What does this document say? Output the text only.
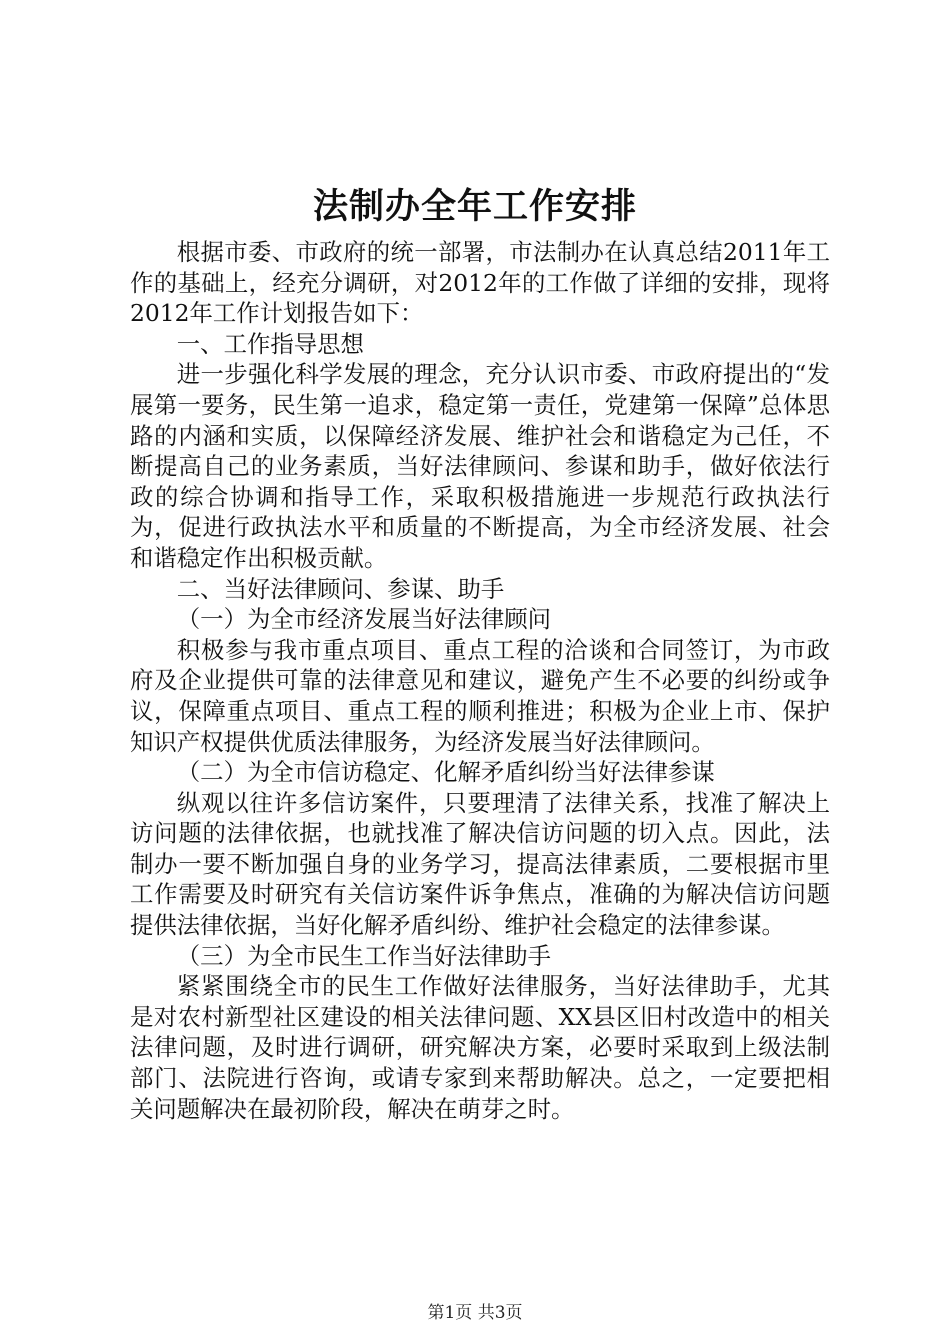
法制办全年工作安排

根据市委、市政府的统一部署，市法制办在认真总结2011年工作的基础上，经充分调研，对2012年的工作做了详细的安排，现将2012年工作计划报告如下：

一、工作指导思想

进一步强化科学发展的理念，充分认识市委、市政府提出的“发展第一要务，民生第一追求，稳定第一责任，党建第一保障”总体思路的内涵和实质，以保障经济发展、维护社会和谐稳定为己任，不断提高自己的业务素质，当好法律顾问、参谋和助手，做好依法行政的综合协调和指导工作，采取积极措施进一步规范行政执法行为，促进行政执法水平和质量的不断提高，为全市经济发展、社会和谐稳定作出积极贡献。

二、当好法律顾问、参谋、助手

（一）为全市经济发展当好法律顾问

积极参与我市重点项目、重点工程的洽谈和合同签订，为市政府及企业提供可靠的法律意见和建议，避免产生不必要的纠纷或争议，保障重点项目、重点工程的顺利推进；积极为企业上市、保护知识产权提供优质法律服务，为经济发展当好法律顾问。

（二）为全市信访稳定、化解矛盾纠纷当好法律参谋

纵观以往许多信访案件，只要理清了法律关系，找准了解决上访问题的法律依据，也就找准了解决信访问题的切入点。因此，法制办一要不断加强自身的业务学习，提高法律素质，二要根据市里工作需要及时研究有关信访案件诉争焦点，准确的为解决信访问题提供法律依据，当好化解矛盾纠纷、维护社会稳定的法律参谋。

（三）为全市民生工作当好法律助手

紧紧围绕全市的民生工作做好法律服务，当好法律助手，尤其是对农村新型社区建设的相关法律问题、XX县区旧村改造中的相关法律问题，及时进行调研，研究解决方案，必要时采取到上级法制部门、法院进行咨询，或请专家到来帮助解决。总之，一定要把相关问题解决在最初阶段，解决在萌芽之时。

第1页 共3页
